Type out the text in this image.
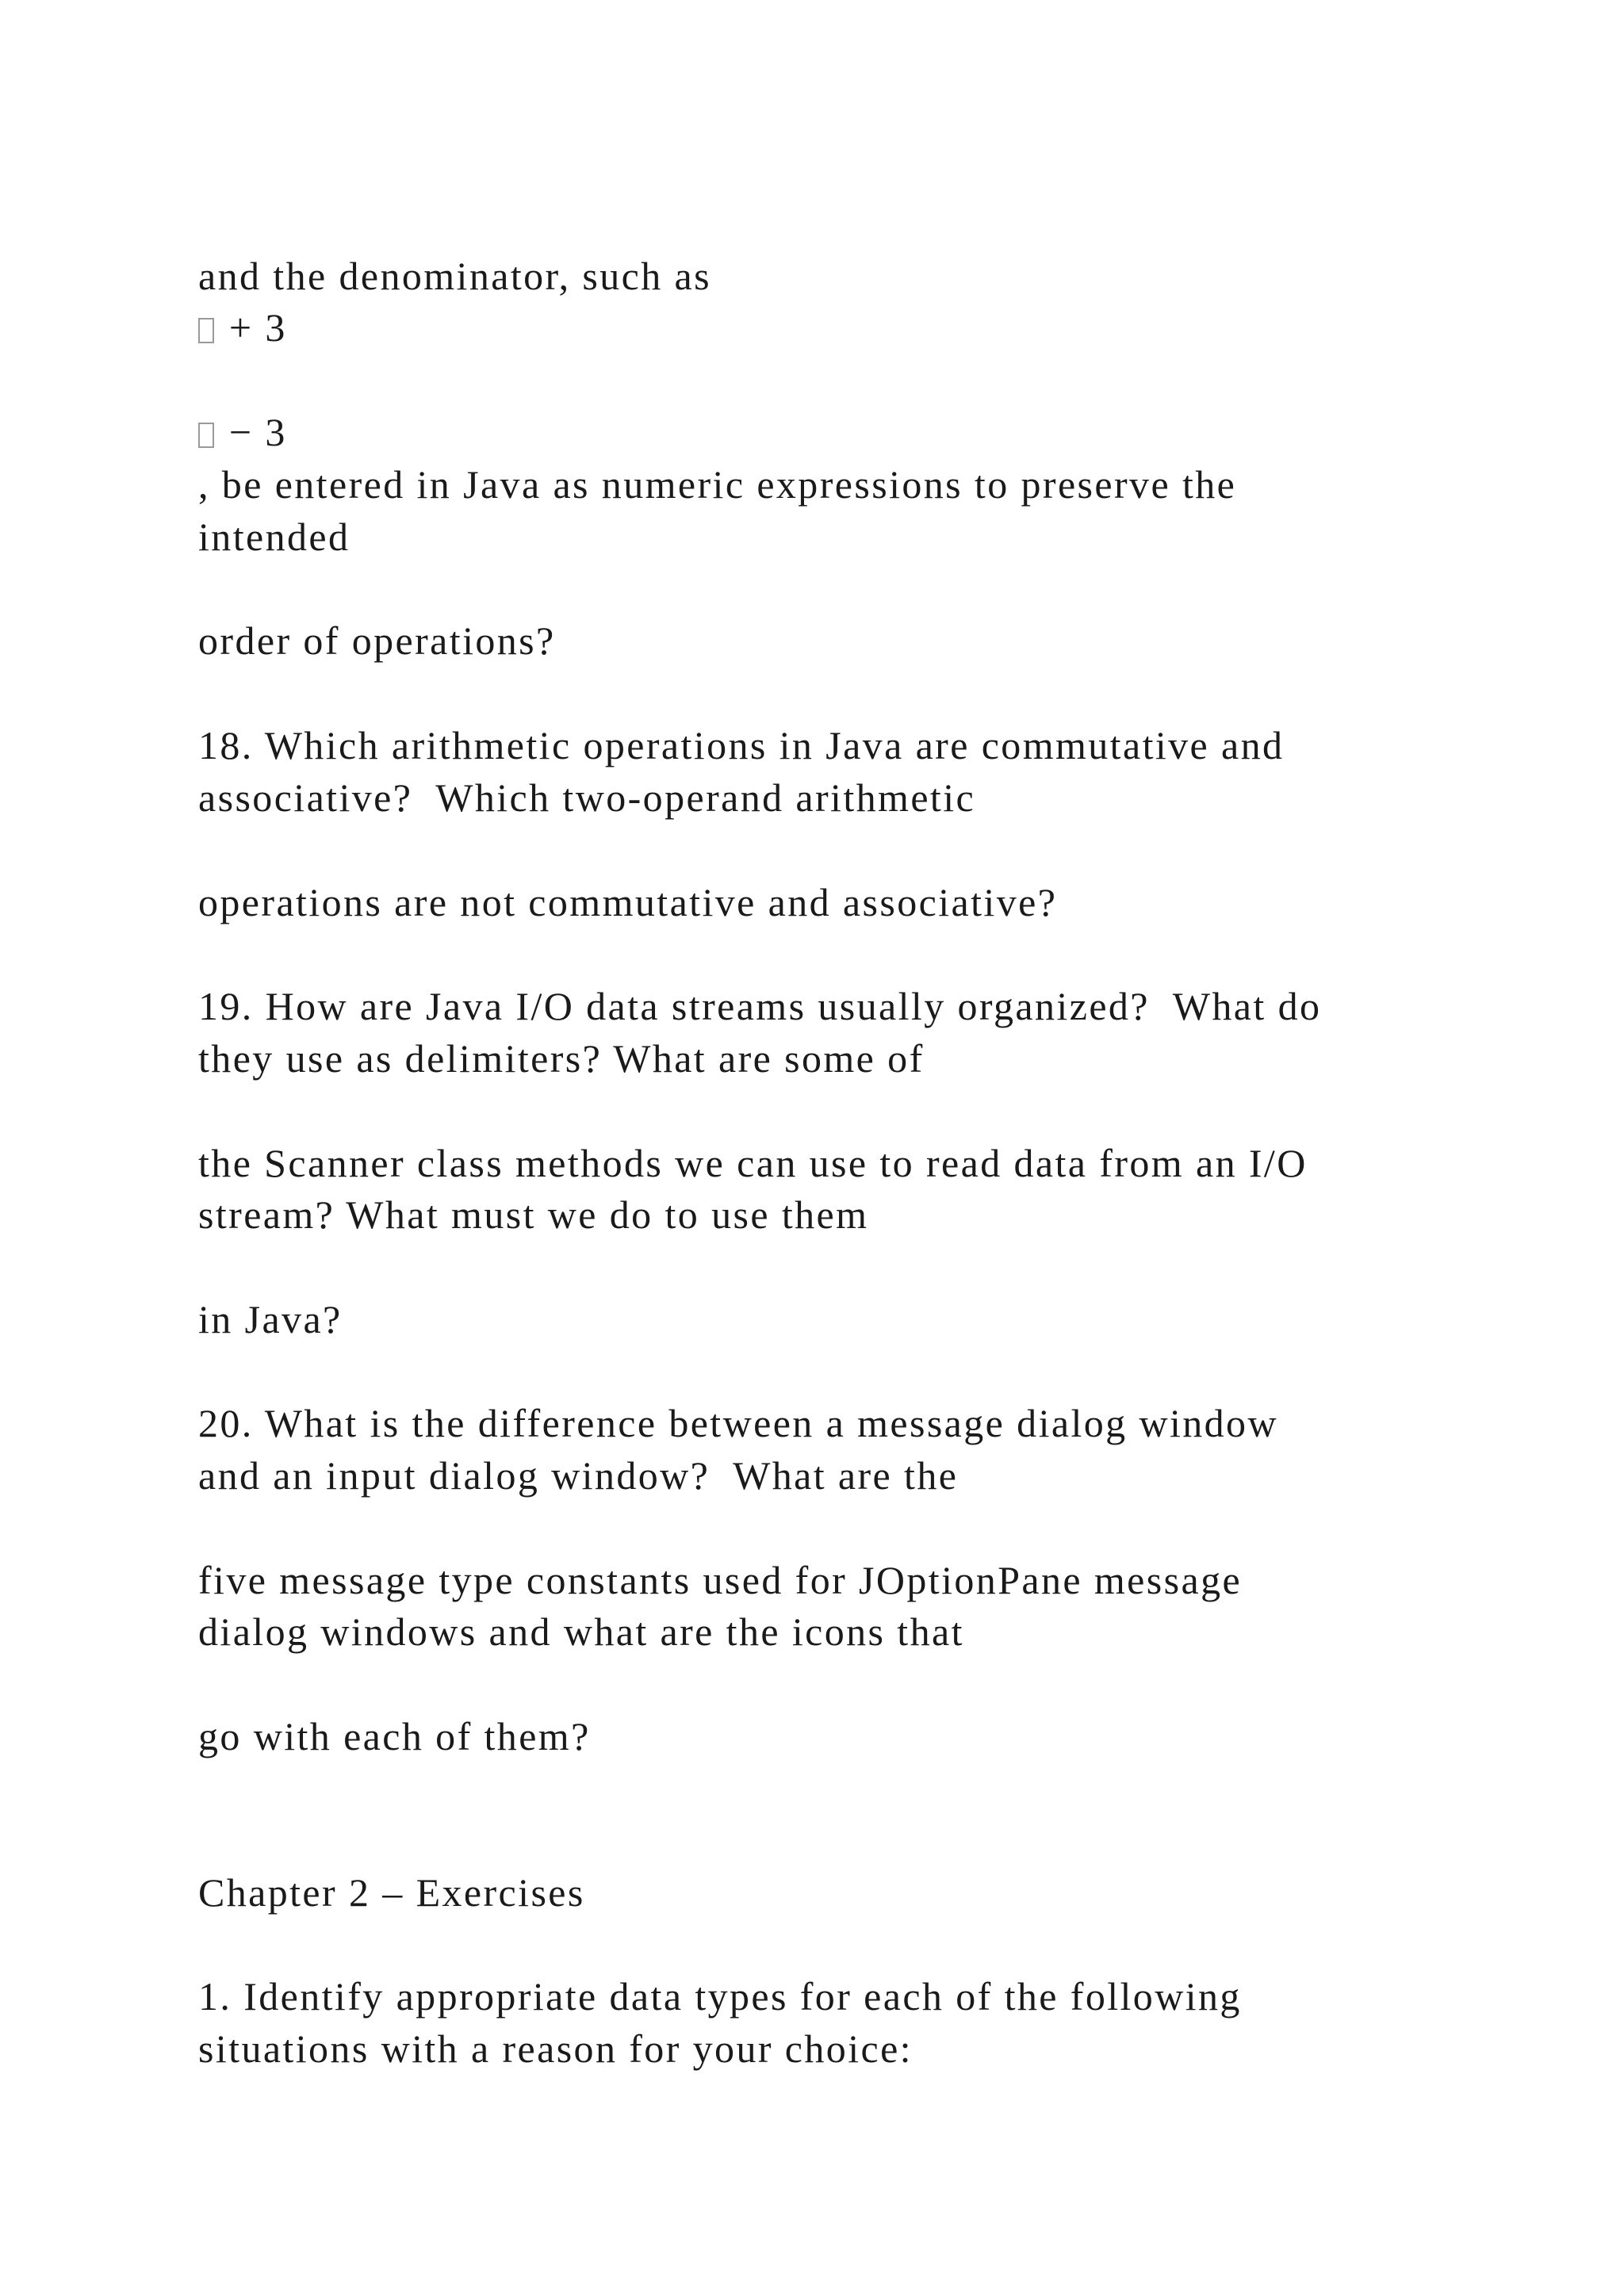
and the denominator, such as

+ 3

− 3

, be entered in Java as numeric expressions to preserve the

intended

order of operations?

18. Which arithmetic operations in Java are commutative and

associative?  Which two-operand arithmetic

operations are not commutative and associative?

19. How are Java I/O data streams usually organized?  What do

they use as delimiters? What are some of

the Scanner class methods we can use to read data from an I/O

stream? What must we do to use them

in Java?

20. What is the difference between a message dialog window

and an input dialog window?  What are the

five message type constants used for JOptionPane message

dialog windows and what are the icons that

go with each of them?

Chapter 2 – Exercises

1. Identify appropriate data types for each of the following

situations with a reason for your choice:
